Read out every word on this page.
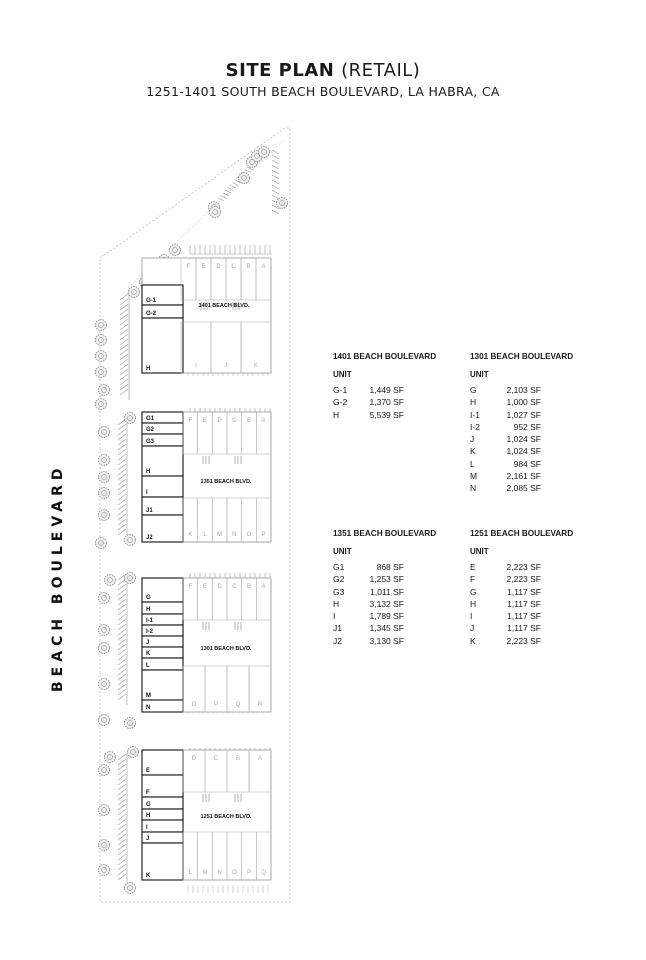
SITE PLAN (RETAIL)
1251-1401 SOUTH BEACH BOULEVARD, LA HABRA, CA
BEACH BOULEVARD
G-1
G-2
H
F E D C B A
I	J	K
1401 BEACH BLVD.
G1
G2
G3
H
I
J1
J2
F E D C B A
K L M N O P
1351 BEACH BLVD.
G
H
I-1
I-2
J
K
L
M
N
F E D C B A
O	P	Q	R
1301 BEACH BLVD.
E
F
G
H
I
J
K
D	C	B	A
L M N O P Q
1251 BEACH BLVD.
1401 BEACH BOULEVARD
UNIT
G-1	1,449 SF
G-2	1,370 SF
H	5,539 SF
1301 BEACH BOULEVARD
UNIT
G	2,103 SF
H	1,000 SF
I-1	1,027 SF
I-2	952 SF
J	1,024 SF
K	1,024 SF
L	984 SF
M	2,161 SF
N	2,085 SF
1351 BEACH BOULEVARD
UNIT
G1	868 SF
G2	1,253 SF
G3	1,011 SF
H	3,132 SF
I	1,789 SF
J1	1,345 SF
J2	3,130 SF
1251 BEACH BOULEVARD
UNIT
E	2,223 SF
F	2,223 SF
G	1,117 SF
H	1,117 SF
I	1,117 SF
J	1,117 SF
K	2,223 SF
